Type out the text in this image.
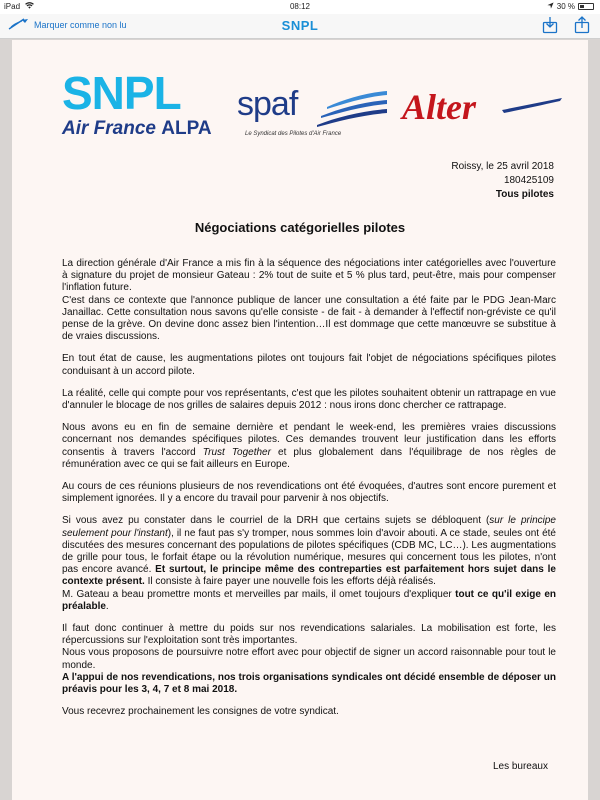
iPad	08:12	30 %
Marquer comme non lu	SNPL
SNPL
Air France ALPA
spaf
Le Syndicat des Pilotes d'Air France
Alter
Roissy, le 25 avril 2018
180425109
Tous pilotes
Négociations catégorielles pilotes

La direction générale d'Air France a mis fin à la séquence des négociations inter catégorielles avec l'ouverture à signature du projet de monsieur Gateau : 2% tout de suite et 5 % plus tard, peut-être, mais pour compenser l'inflation future.
C'est dans ce contexte que l'annonce publique de lancer une consultation a été faite par le PDG Jean-Marc Janaillac. Cette consultation nous savons qu'elle consiste - de fait - à demander à l'effectif non-gréviste ce qu'il pense de la grève. On devine donc assez bien l'intention…Il est dommage que cette manœuvre se substitue à de vraies discussions.

En tout état de cause, les augmentations pilotes ont toujours fait l'objet de négociations spécifiques pilotes conduisant à un accord pilote.

La réalité, celle qui compte pour vos représentants, c'est que les pilotes souhaitent obtenir un rattrapage en vue d'annuler le blocage de nos grilles de salaires depuis 2012 : nous irons donc chercher ce rattrapage.

Nous avons eu en fin de semaine dernière et pendant le week-end, les premières vraies discussions concernant nos demandes spécifiques pilotes. Ces demandes trouvent leur justification dans les efforts consentis à travers l'accord Trust Together et plus globalement dans l'équilibrage de nos règles de rémunération avec ce qui se fait ailleurs en Europe.

Au cours de ces réunions plusieurs de nos revendications ont été évoquées, d'autres sont encore purement et simplement ignorées. Il y a encore du travail pour parvenir à nos objectifs.

Si vous avez pu constater dans le courriel de la DRH que certains sujets se débloquent (sur le principe seulement pour l'instant), il ne faut pas s'y tromper, nous sommes loin d'avoir abouti. A ce stade, seules ont été discutées des mesures concernant des populations de pilotes spécifiques (CDB MC, LC…). Les augmentations de grille pour tous, le forfait étape ou la révolution numérique, mesures qui concernent tous les pilotes, n'ont pas encore avancé. Et surtout, le principe même des contreparties est parfaitement hors sujet dans le contexte présent. Il consiste à faire payer une nouvelle fois les efforts déjà réalisés.
M. Gateau a beau promettre monts et merveilles par mails, il omet toujours d'expliquer tout ce qu'il exige en préalable.

Il faut donc continuer à mettre du poids sur nos revendications salariales. La mobilisation est forte, les répercussions sur l'exploitation sont très importantes.
Nous vous proposons de poursuivre notre effort avec pour objectif de signer un accord raisonnable pour tout le monde.
A l'appui de nos revendications, nos trois organisations syndicales ont décidé ensemble de déposer un préavis pour les 3, 4, 7 et 8 mai 2018.

Vous recevrez prochainement les consignes de votre syndicat.

Les bureaux
